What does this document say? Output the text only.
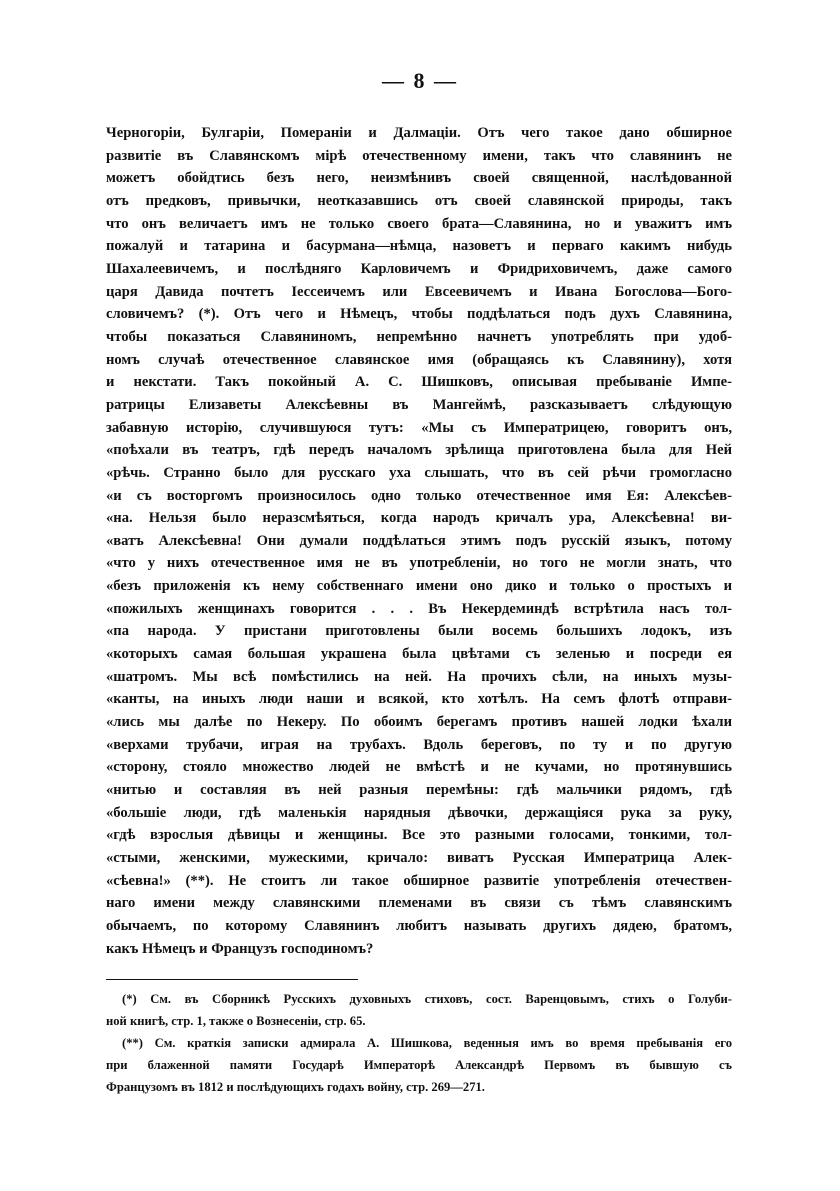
— 8 —
Черногоріи, Булгаріи, Помераніи и Далмаціи. Отъ чего такое дано обширное
развитіе въ Славянскомъ мірѣ отечественному имени, такъ что славянинъ не
можетъ обойдтись безъ него, неизмѣнивъ своей священной, наслѣдованной
отъ предковъ, привычки, неотказавшись отъ своей славянской природы, такъ
что онъ величаетъ имъ не только своего брата—Славянина, но и уважитъ имъ
пожалуй и татарина и басурмана—нѣмца, назоветъ и перваго какимъ нибудь
Шахалеевичемъ, и послѣдняго Карловичемъ и Фридриховичемъ, даже самого
царя Давида почтетъ Іессеичемъ или Евсеевичемъ и Ивана Богослова—Бого-
словичемъ? (*). Отъ чего и Нѣмецъ, чтобы поддѣлаться подъ духъ Славянина,
чтобы показаться Славяниномъ, непремѣнно начнетъ употреблять при удоб-
номъ случаѣ отечественное славянское имя (обращаясь къ Славянину), хотя
и некстати. Такъ покойный А. С. Шишковъ, описывая пребываніе Импе-
ратрицы Елизаветы Алексѣевны въ Мангеймѣ, разсказываетъ слѣдующую
забавную исторію, случившуюся тутъ: «Мы съ Императрицею, говоритъ онъ,
«поѣхали въ театръ, гдѣ передъ началомъ зрѣлища приготовлена была для Ней
«рѣчь. Странно было для русскаго уха слышать, что въ сей рѣчи громогласно
«и съ восторгомъ произносилось одно только отечественное имя Ея: Алексѣев-
«на. Нельзя было неразсмѣяться, когда народъ кричалъ ура, Алексѣевна! ви-
«ватъ Алексѣевна! Они думали поддѣлаться этимъ подъ русскій языкъ, потому
«что у нихъ отечественное имя не въ употребленіи, но того не могли знать, что
«безъ приложенія къ нему собственнаго имени оно дико и только о простыхъ и
«пожилыхъ женщинахъ говорится . . . Въ Некердеминдѣ встрѣтила насъ тол-
«па народа. У пристани приготовлены были восемь большихъ лодокъ, изъ
«которыхъ самая большая украшена была цвѣтами съ зеленью и посреди ея
«шатромъ. Мы всѣ помѣстились на ней. На прочихъ сѣли, на иныхъ музы-
«канты, на иныхъ люди наши и всякой, кто хотѣлъ. На семъ флотѣ отправи-
«лись мы далѣе по Некеру. По обоимъ берегамъ противъ нашей лодки ѣхали
«верхами трубачи, играя на трубахъ. Вдоль береговъ, по ту и по другую
«сторону, стояло множество людей не вмѣстѣ и не кучами, но протянувшись
«нитью и составляя въ ней разныя перемѣны: гдѣ мальчики рядомъ, гдѣ
«большіе люди, гдѣ маленькія нарядныя дѣвочки, держащіяся рука за руку,
«гдѣ взрослыя дѣвицы и женщины. Все это разными голосами, тонкими, тол-
«стыми, женскими, мужескими, кричало: виватъ Русская Императрица Алек-
«сѣевна!» (**). Не стоитъ ли такое обширное развитіе употребленія отечествен-
наго имени между славянскими племенами въ связи съ тѣмъ славянскимъ
обычаемъ, по которому Славянинъ любитъ называть другихъ дядею, братомъ,
какъ Нѣмецъ и Французъ господиномъ?
(*) См. въ Сборникѣ Русскихъ духовныхъ стиховъ, сост. Варенцовымъ, стихъ о Голуби-
ной книгѣ, стр. 1, также о Вознесеніи, стр. 65.
(**) См. краткія записки адмирала А. Шишкова, веденныя имъ во время пребыванія его
при блаженной памяти Государѣ Императорѣ Александрѣ Первомъ въ бывшую съ
Французомъ въ 1812 и послѣдующихъ годахъ войну, стр. 269—271.
